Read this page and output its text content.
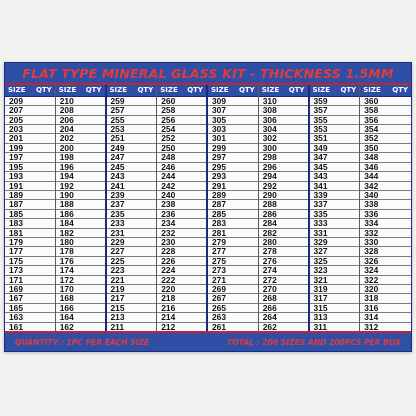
FLAT TYPE MINERAL GLASS KIT - THICKNESS 1.5MM
SIZE QTY
209
207
205
203
201
199
197
195
193
191
189
187
185
183
181
179
177
175
173
171
169
167
165
163
161
SIZE QTY
210
208
206
204
202
200
198
196
194
192
190
188
186
184
182
180
178
176
174
172
170
168
166
164
162
SIZE QTY
259
257
255
253
251
249
247
245
243
241
239
237
235
233
231
229
227
225
223
221
219
217
215
213
211
SIZE QTY
260
258
256
254
252
250
248
246
244
242
240
238
236
234
232
230
228
226
224
222
220
218
216
214
212
SIZE QTY
309
307
305
303
301
299
297
295
293
291
289
287
285
283
281
279
277
275
273
271
269
267
265
263
261
SIZE QTY
310
308
306
304
302
300
298
296
294
292
290
288
286
284
282
280
278
276
274
272
270
268
266
264
262
SIZE QTY
359
357
355
353
351
349
347
345
343
341
339
337
335
333
331
329
327
325
323
321
319
317
315
313
311
SIZE QTY
360
358
356
354
352
350
348
346
344
342
340
338
336
334
332
330
328
326
324
322
320
318
316
314
312
QUANTITY : 1PC PER EACH SIZE	TOTAL : 200 SIZES AND 200PCS PER BOX
